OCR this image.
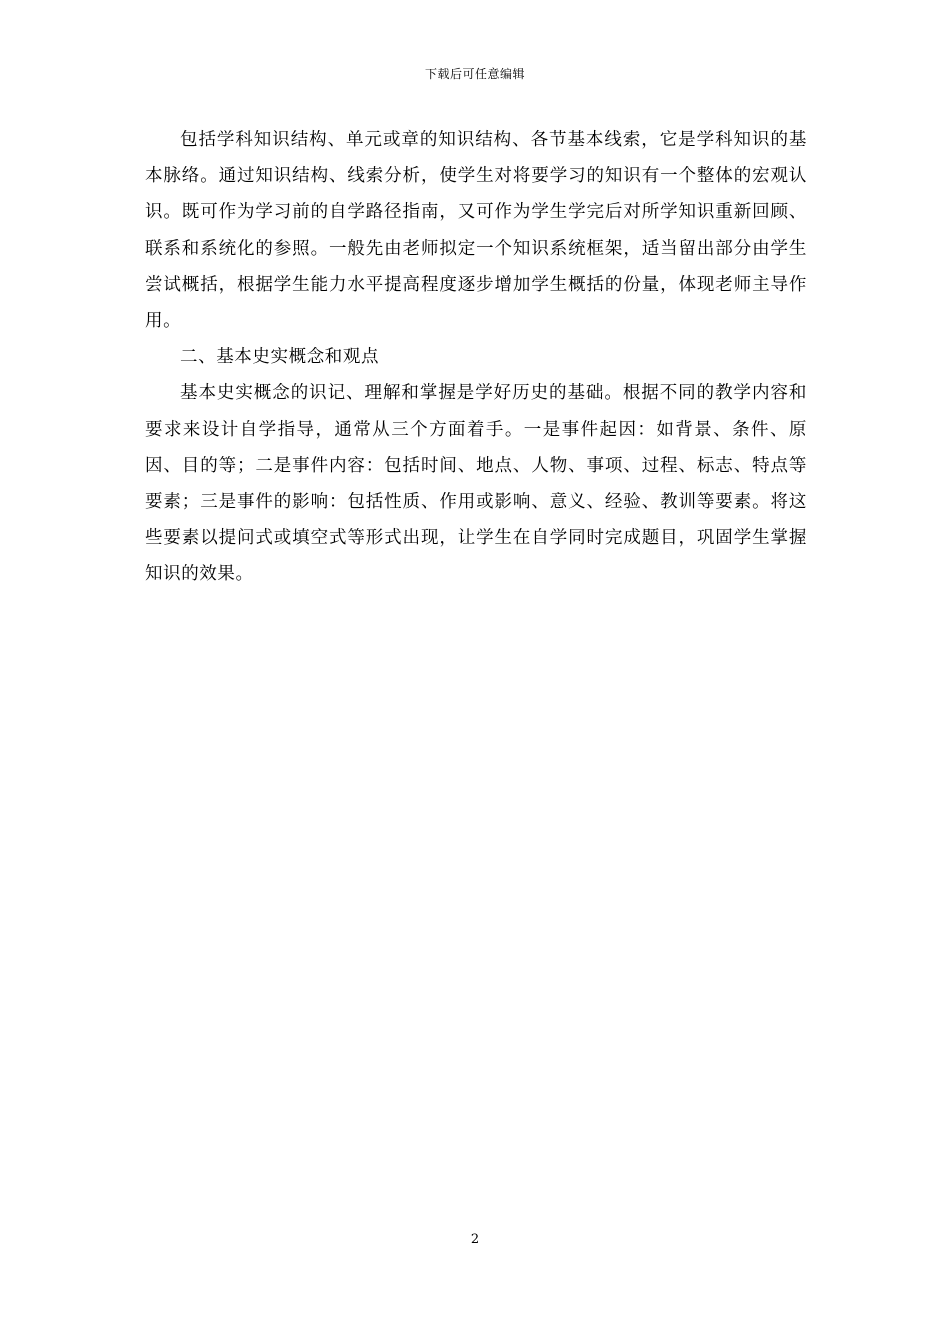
下载后可任意编辑

包括学科知识结构、单元或章的知识结构、各节基本线索，它是学科知识的基本脉络。通过知识结构、线索分析，使学生对将要学习的知识有一个整体的宏观认识。既可作为学习前的自学路径指南，又可作为学生学完后对所学知识重新回顾、联系和系统化的参照。一般先由老师拟定一个知识系统框架，适当留出部分由学生尝试概括，根据学生能力水平提高程度逐步增加学生概括的份量，体现老师主导作用。

二、基本史实概念和观点

基本史实概念的识记、理解和掌握是学好历史的基础。根据不同的教学内容和要求来设计自学指导，通常从三个方面着手。一是事件起因：如背景、条件、原因、目的等；二是事件内容：包括时间、地点、人物、事项、过程、标志、特点等要素；三是事件的影响：包括性质、作用或影响、意义、经验、教训等要素。将这些要素以提问式或填空式等形式出现，让学生在自学同时完成题目，巩固学生掌握知识的效果。

2
